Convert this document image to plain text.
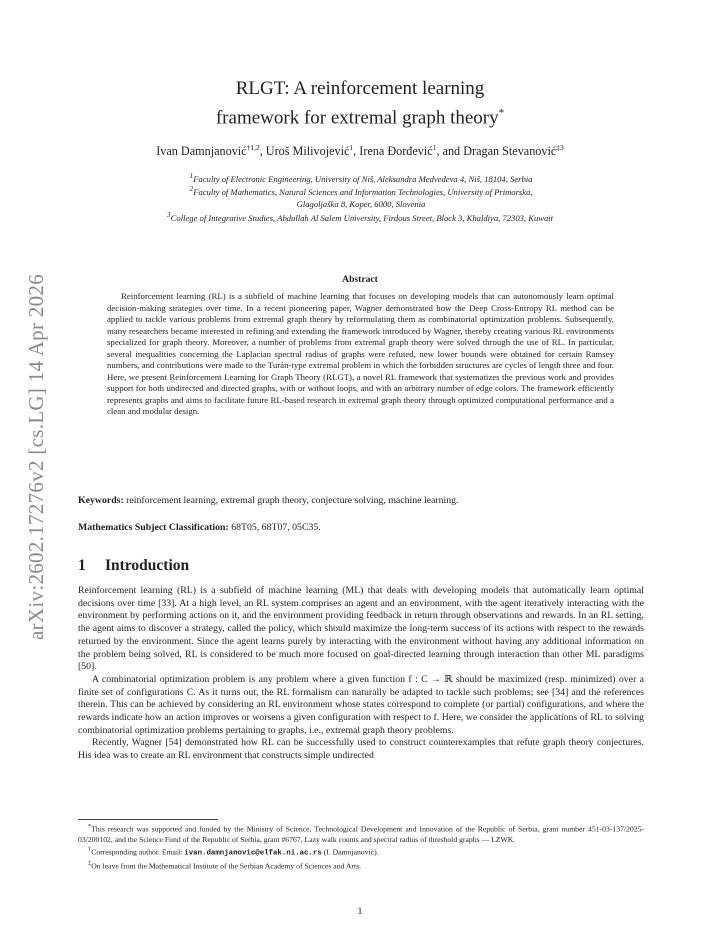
arXiv:2602.17276v2 [cs.LG] 14 Apr 2026
RLGT: A reinforcement learning
framework for extremal graph theory*
Ivan Damnjanović$^{\dagger 1,2}$, Uroš Milivojević$^1$, Irena Đorđević$^1$, and Dragan Stevanović$^{\ddagger 3}$
$^1$Faculty of Electronic Engineering, University of Niš, Aleksandra Medvedeva 4, Niš, 18104, Serbia
$^2$Faculty of Mathematics, Natural Sciences and Information Technologies, University of Primorska,
Glagoljaška 8, Koper, 6000, Slovenia
$^3$College of Integrative Studies, Abdullah Al Salem University, Firdous Street, Block 3, Khaldiya, 72303, Kuwait
Abstract
Reinforcement learning (RL) is a subfield of machine learning that focuses on developing models that can autonomously learn optimal decision-making strategies over time. In a recent pioneering paper, Wagner demonstrated how the Deep Cross-Entropy RL method can be applied to tackle various problems from extremal graph theory by reformulating them as combinatorial optimization problems. Subsequently, many researchers became interested in refining and extending the framework introduced by Wagner, thereby creating various RL environments specialized for graph theory. Moreover, a number of problems from extremal graph theory were solved through the use of RL. In particular, several inequalities concerning the Laplacian spectral radius of graphs were refuted, new lower bounds were obtained for certain Ramsey numbers, and contributions were made to the Turán-type extremal problem in which the forbidden structures are cycles of length three and four. Here, we present Reinforcement Learning for Graph Theory (RLGT), a novel RL framework that systematizes the previous work and provides support for both undirected and directed graphs, with or without loops, and with an arbitrary number of edge colors. The framework efficiently represents graphs and aims to facilitate future RL-based research in extremal graph theory through optimized computational performance and a clean and modular design.
Keywords: reinforcement learning, extremal graph theory, conjecture solving, machine learning.
Mathematics Subject Classification: 68T05, 68T07, 05C35.
1 Introduction

Reinforcement learning (RL) is a subfield of machine learning (ML) that deals with developing models that automatically learn optimal decisions over time [33]. At a high level, an RL system comprises an agent and an environment, with the agent iteratively interacting with the environment by performing actions on it, and the environment providing feedback in return through observations and rewards. In an RL setting, the agent aims to discover a strategy, called the policy, which should maximize the long-term success of its actions with respect to the rewards returned by the environment. Since the agent learns purely by interacting with the environment without having any additional information on the problem being solved, RL is considered to be much more focused on goal-directed learning through interaction than other ML paradigms [50].

A combinatorial optimization problem is any problem where a given function f : C → ℝ should be maximized (resp. minimized) over a finite set of configurations C. As it turns out, the RL formalism can naturally be adapted to tackle such problems; see [34] and the references therein. This can be achieved by considering an RL environment whose states correspond to complete (or partial) configurations, and where the rewards indicate how an action improves or worsens a given configuration with respect to f. Here, we consider the applications of RL to solving combinatorial optimization problems pertaining to graphs, i.e., extremal graph theory problems.

Recently, Wagner [54] demonstrated how RL can be successfully used to construct counterexamples that refute graph theory conjectures. His idea was to create an RL environment that constructs simple undirected

*This research was supported and funded by the Ministry of Science, Technological Development and Innovation of the Republic of Serbia, grant number 451-03-137/2025-03/200102, and the Science Fund of the Republic of Serbia, grant #6767, Lazy walk counts and spectral radius of threshold graphs — LZWK.

†Corresponding author. Email: ivan.damnjanovic@elfak.ni.ac.rs (I. Damnjanović).

‡On leave from the Mathematical Institute of the Serbian Academy of Sciences and Arts.

1
